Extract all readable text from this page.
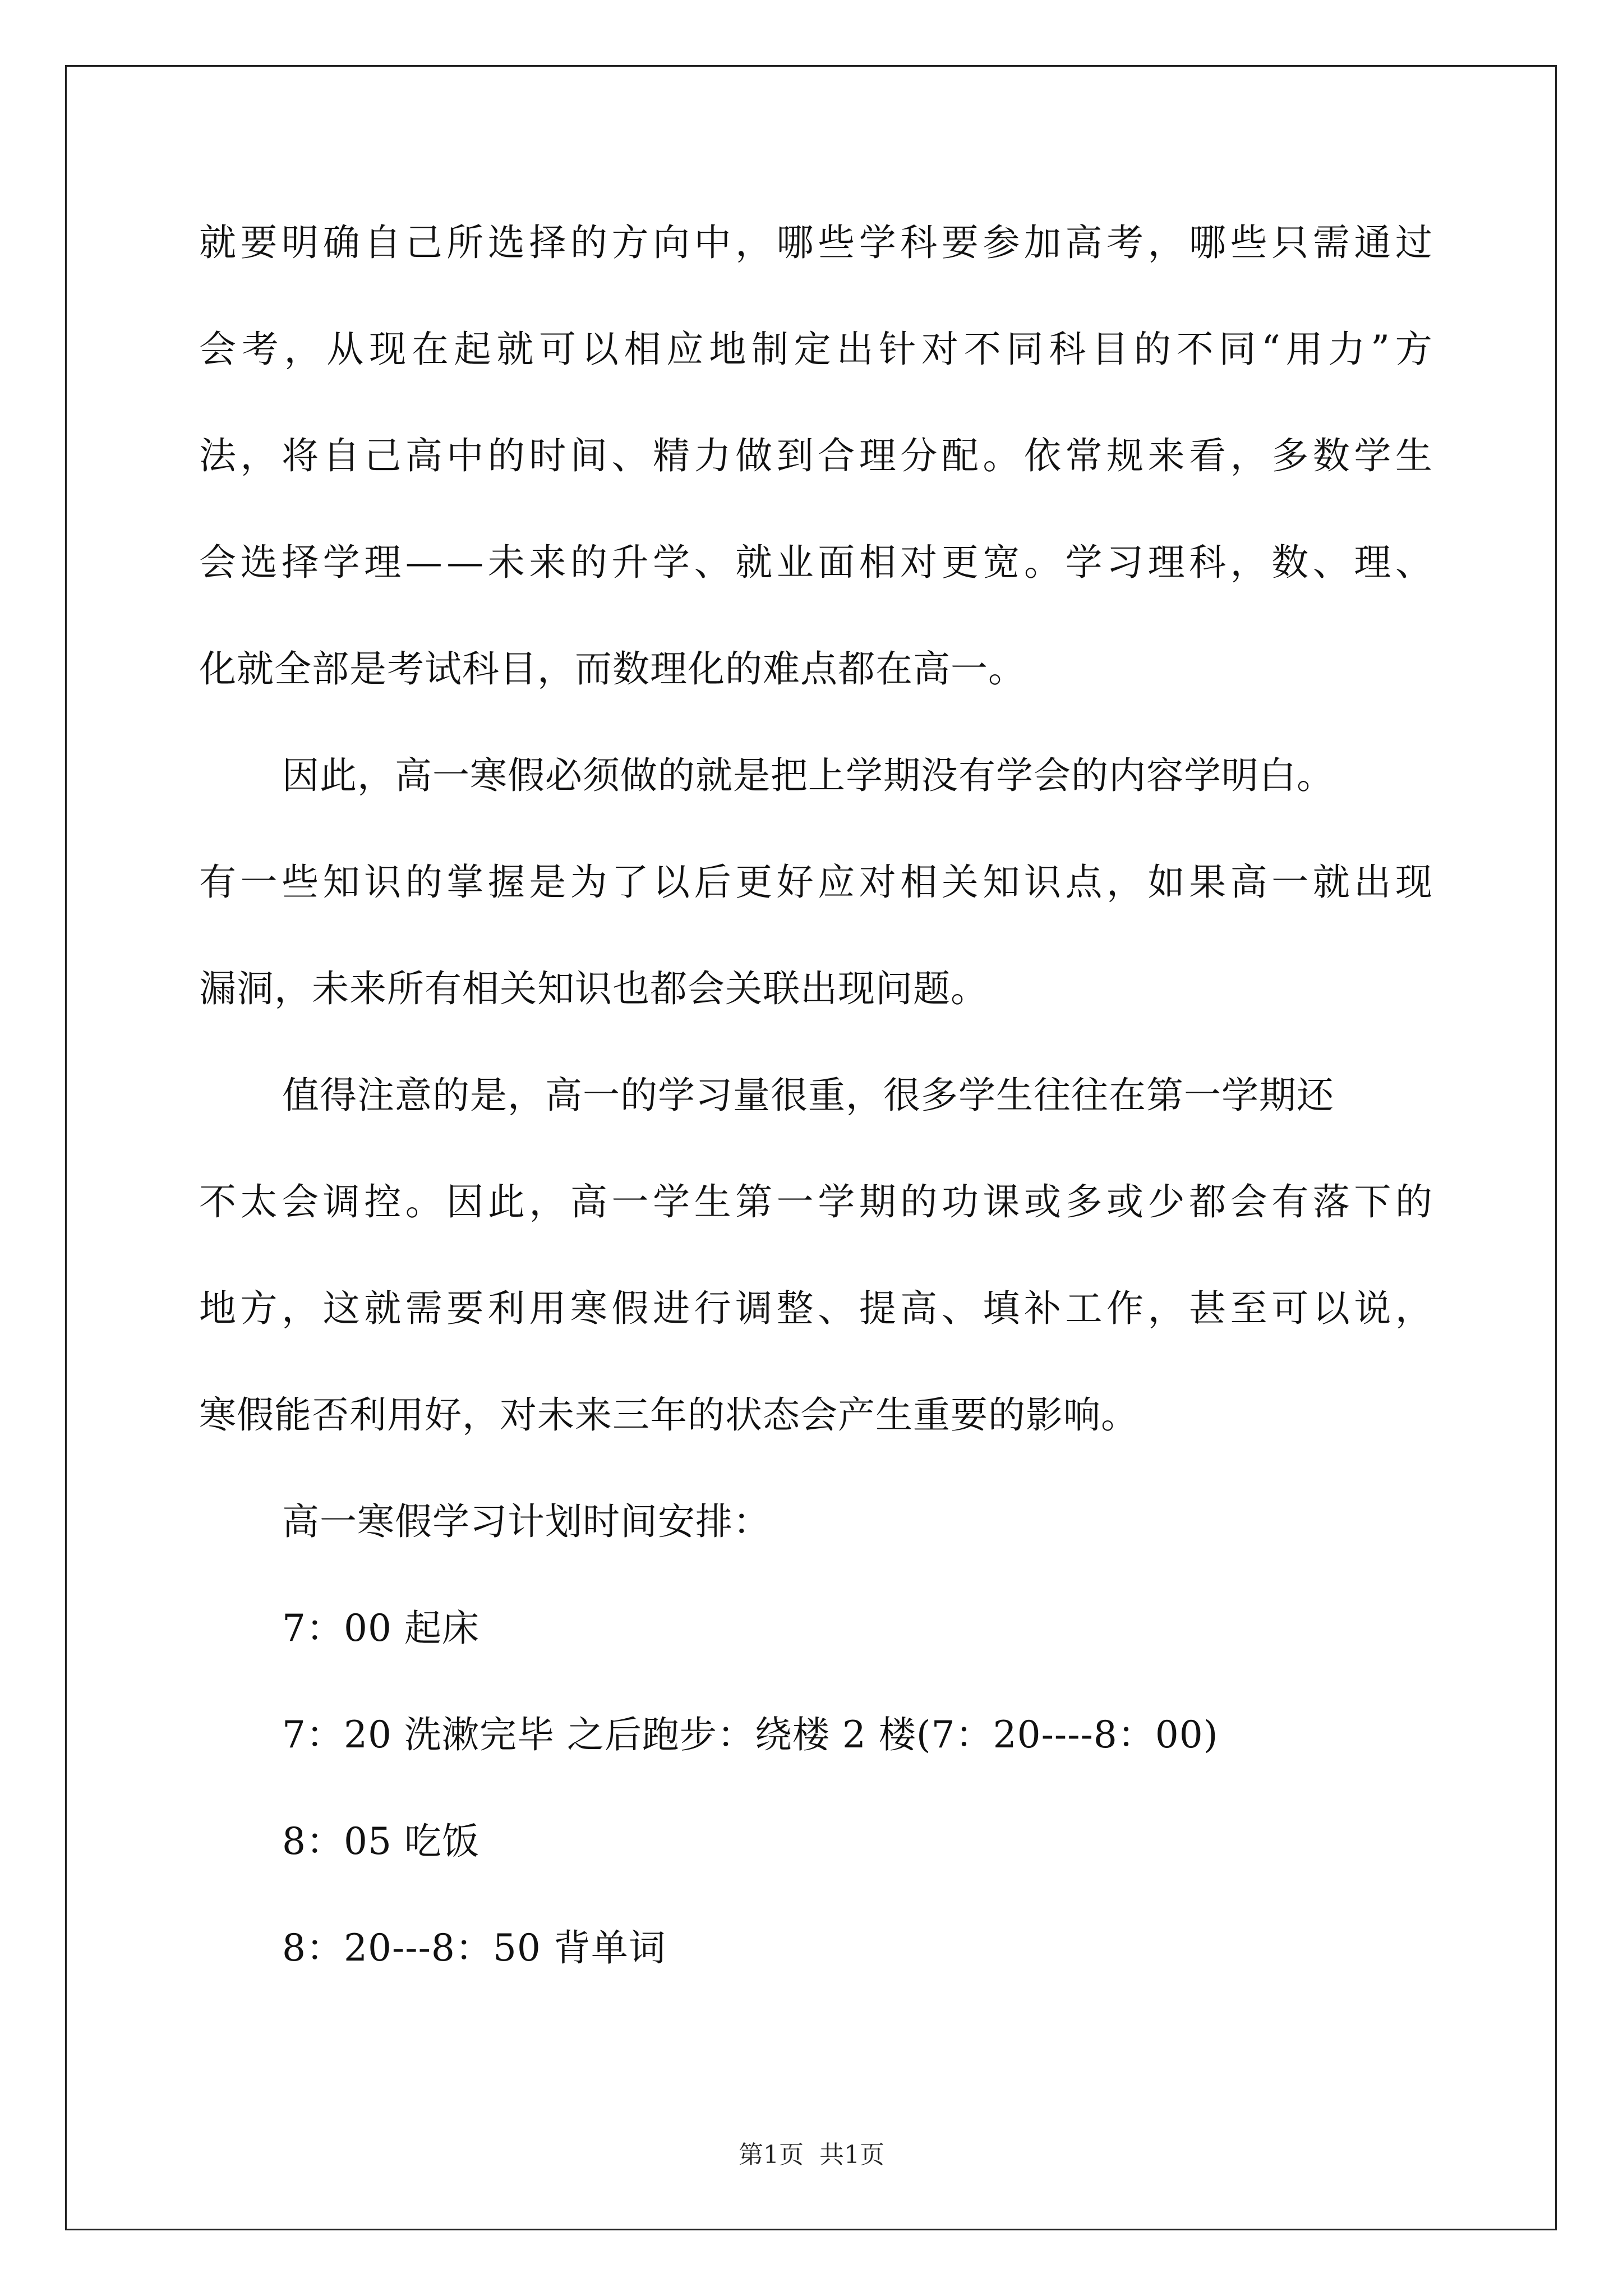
就 要 明 确 自 己 所 选 择 的 方 向 中 ， 哪 些 学 科 要 参 加 高 考 ， 哪 些 只 需 通 过
会 考 ， 从 现 在 起 就 可 以 相 应 地 制 定 出 针 对 不 同 科 目 的 不 同 “ 用 力 ” 方
法 ， 将 自 己 高 中 的 时 间 、 精 力 做 到 合 理 分 配 。 依 常 规 来 看 ， 多 数 学 生
会 选 择 学 理 — — 未 来 的 升 学 、 就 业 面 相 对 更 宽 。 学 习 理 科 ， 数 、 理 、
化就全部是考试科目，而数理化的难点都在高一。
因此，高一寒假必须做的就是把上学期没有学会的内容学明白。
有 一 些 知 识 的 掌 握 是 为 了 以 后 更 好 应 对 相 关 知 识 点 ， 如 果 高 一 就 出 现
漏洞，未来所有相关知识也都会关联出现问题。
值得注意的是，高一的学习量很重，很多学生往往在第一学期还
不 太 会 调 控 。 因 此 ， 高 一 学 生 第 一 学 期 的 功 课 或 多 或 少 都 会 有 落 下 的
地 方 ， 这 就 需 要 利 用 寒 假 进 行 调 整 、 提 高 、 填 补 工 作 ， 甚 至 可 以 说 ，
寒假能否利用好，对未来三年的状态会产生重要的影响。
高一寒假学习计划时间安排：
7：00 起床
7：20 洗漱完毕 之后跑步：绕楼 2 楼(7：20----8：00)
8：05 吃饭
8：20---8：50 背单词
第1页 共1页
